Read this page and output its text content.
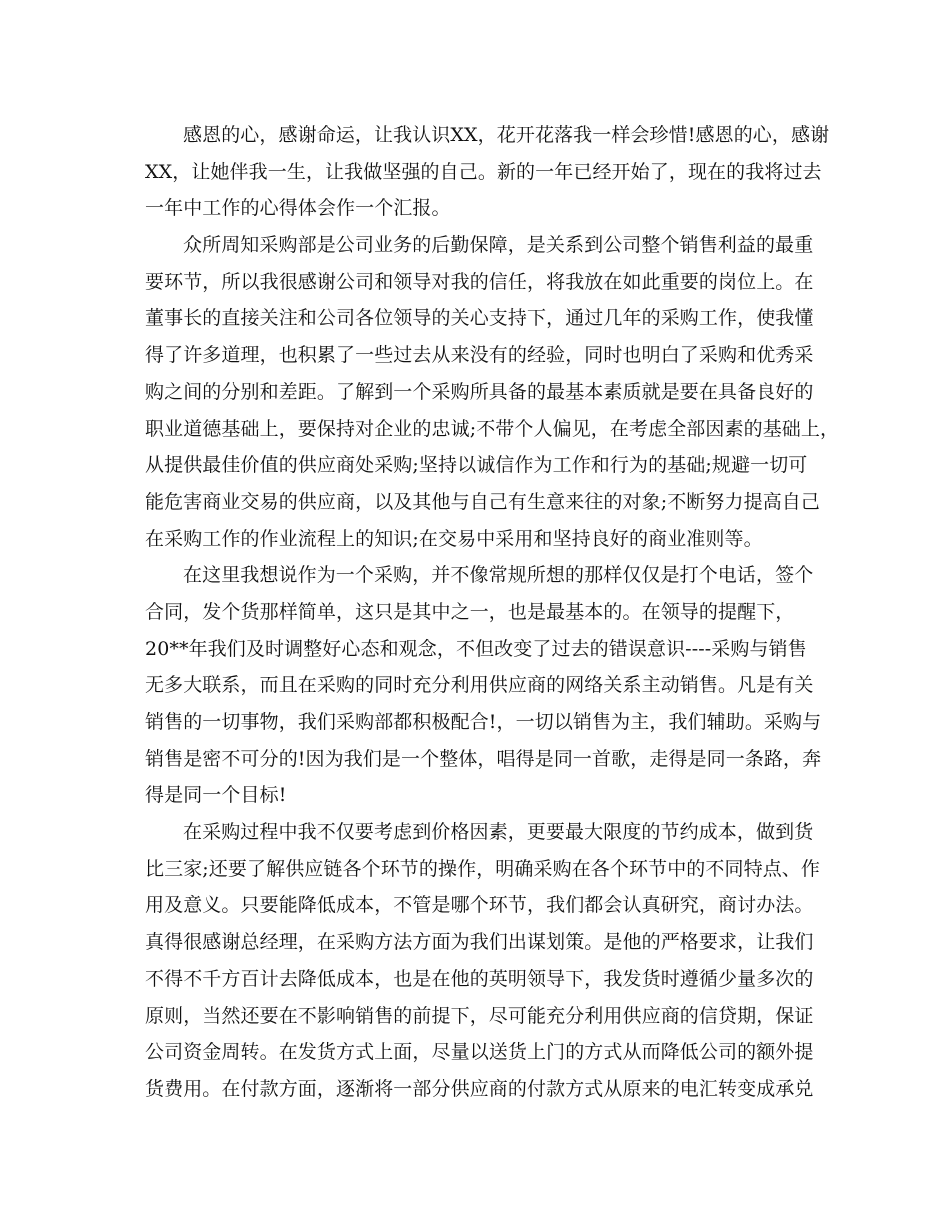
感恩的心，感谢命运，让我认识XX，花开花落我一样会珍惜!感恩的心，感谢
XX，让她伴我一生，让我做坚强的自己。新的一年已经开始了，现在的我将过去
一年中工作的心得体会作一个汇报。
众所周知采购部是公司业务的后勤保障，是关系到公司整个销售利益的最重
要环节，所以我很感谢公司和领导对我的信任，将我放在如此重要的岗位上。在
董事长的直接关注和公司各位领导的关心支持下，通过几年的采购工作，使我懂
得了许多道理，也积累了一些过去从来没有的经验，同时也明白了采购和优秀采
购之间的分别和差距。了解到一个采购所具备的最基本素质就是要在具备良好的
职业道德基础上，要保持对企业的忠诚;不带个人偏见，在考虑全部因素的基础上，
从提供最佳价值的供应商处采购;坚持以诚信作为工作和行为的基础;规避一切可
能危害商业交易的供应商，以及其他与自己有生意来往的对象;不断努力提高自己
在采购工作的作业流程上的知识;在交易中采用和坚持良好的商业准则等。
在这里我想说作为一个采购，并不像常规所想的那样仅仅是打个电话，签个
合同，发个货那样简单，这只是其中之一，也是最基本的。在领导的提醒下，
20**年我们及时调整好心态和观念，不但改变了过去的错误意识----采购与销售
无多大联系，而且在采购的同时充分利用供应商的网络关系主动销售。凡是有关
销售的一切事物，我们采购部都积极配合!，一切以销售为主，我们辅助。采购与
销售是密不可分的!因为我们是一个整体，唱得是同一首歌，走得是同一条路，奔
得是同一个目标!
在采购过程中我不仅要考虑到价格因素，更要最大限度的节约成本，做到货
比三家;还要了解供应链各个环节的操作，明确采购在各个环节中的不同特点、作
用及意义。只要能降低成本，不管是哪个环节，我们都会认真研究，商讨办法。
真得很感谢总经理，在采购方法方面为我们出谋划策。是他的严格要求，让我们
不得不千方百计去降低成本，也是在他的英明领导下，我发货时遵循少量多次的
原则，当然还要在不影响销售的前提下，尽可能充分利用供应商的信贷期，保证
公司资金周转。在发货方式上面，尽量以送货上门的方式从而降低公司的额外提
货费用。在付款方面，逐渐将一部分供应商的付款方式从原来的电汇转变成承兑
